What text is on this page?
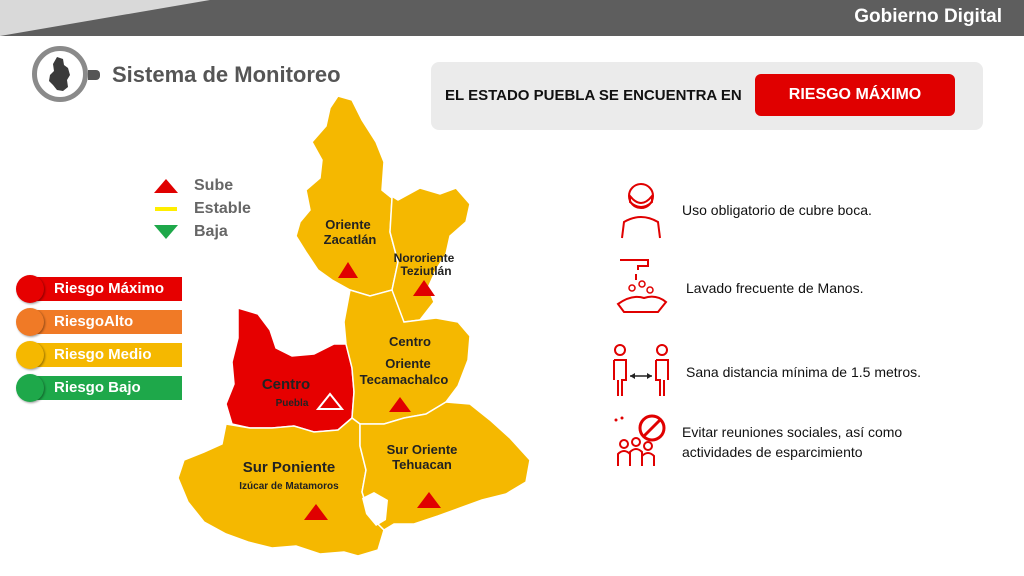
Gobierno Digital
Sistema de Monitoreo
EL ESTADO PUEBLA SE ENCUENTRA EN	RIESGO MÁXIMO
Sube
Estable
Baja
Riesgo Máximo
RiesgoAlto
Riesgo Medio
Riesgo Bajo
Oriente
Zacatlán
Nororiente
Teziutlán
Centro
Puebla
Centro
Oriente
Tecamachalco
Sur Poniente
Izúcar de Matamoros
Sur Oriente
Tehuacan
Uso obligatorio de cubre boca.
Lavado frecuente de Manos.
Sana distancia mínima de 1.5 metros.
Evitar reuniones sociales, así como
actividades de esparcimiento
